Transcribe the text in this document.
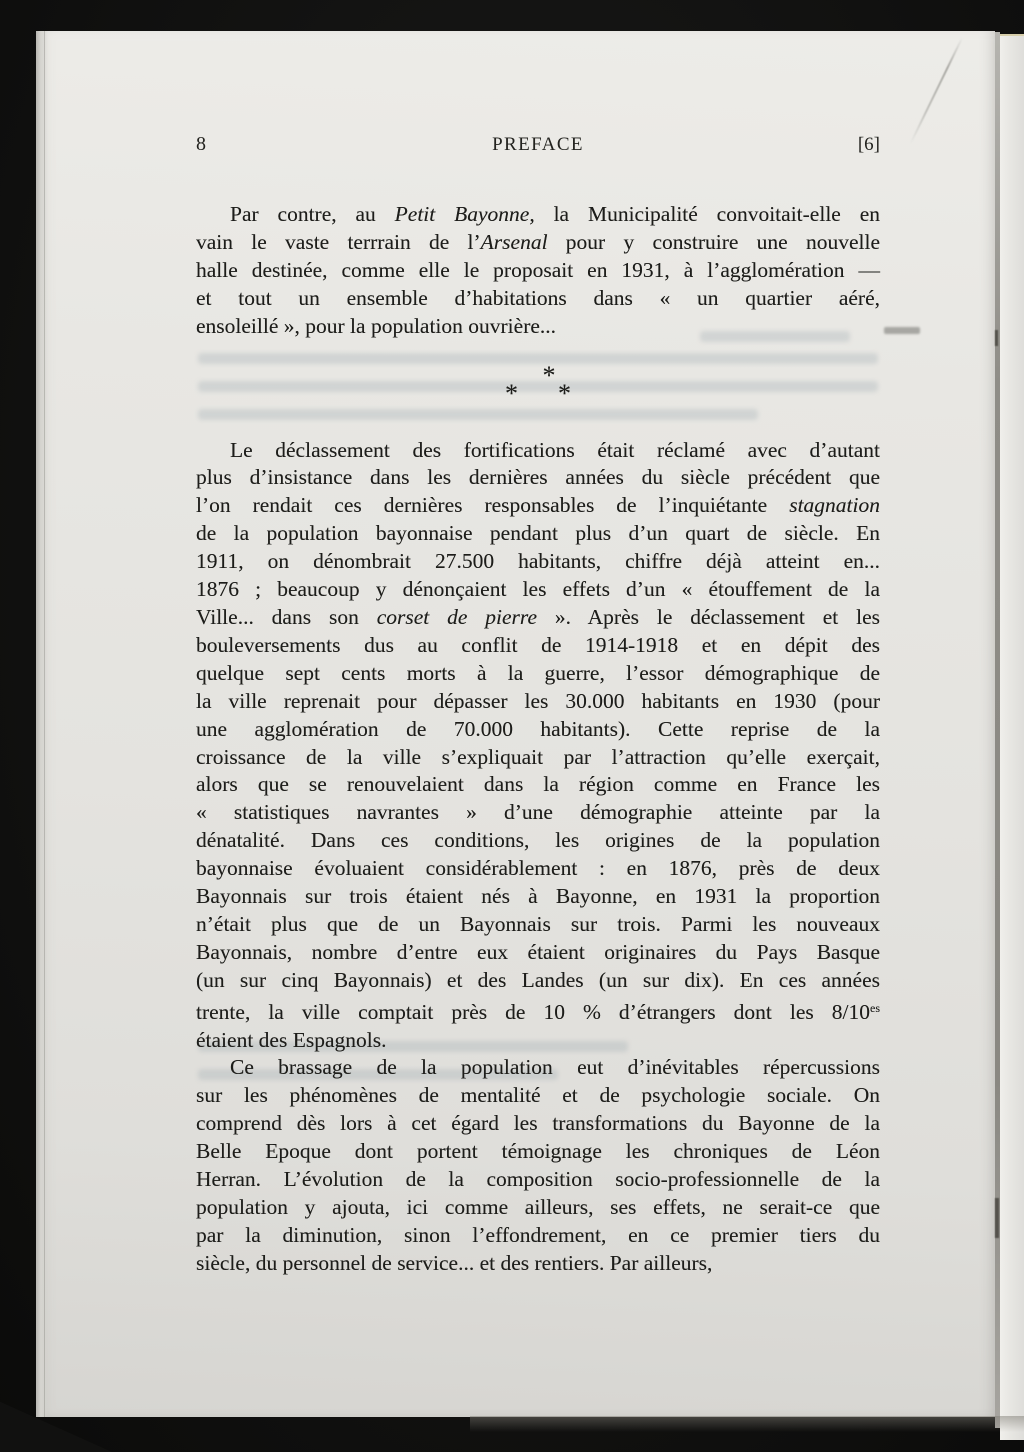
8	PREFACE	[6]
Par contre, au Petit Bayonne, la Municipalité convoitait-elle en
vain le vaste terrrain de l’Arsenal pour y construire une nouvelle
halle destinée, comme elle le proposait en 1931, à l’agglomération —
et tout un ensemble d’habitations dans « un quartier aéré,
ensoleillé », pour la population ouvrière...
*
* *
Le déclassement des fortifications était réclamé avec d’autant
plus d’insistance dans les dernières années du siècle précédent que
l’on rendait ces dernières responsables de l’inquiétante stagnation
de la population bayonnaise pendant plus d’un quart de siècle. En
1911, on dénombrait 27.500 habitants, chiffre déjà atteint en...
1876 ; beaucoup y dénonçaient les effets d’un « étouffement de la
Ville... dans son corset de pierre ». Après le déclassement et les
bouleversements dus au conflit de 1914-1918 et en dépit des
quelque sept cents morts à la guerre, l’essor démographique de
la ville reprenait pour dépasser les 30.000 habitants en 1930 (pour
une agglomération de 70.000 habitants). Cette reprise de la
croissance de la ville s’expliquait par l’attraction qu’elle exerçait,
alors que se renouvelaient dans la région comme en France les
« statistiques navrantes » d’une démographie atteinte par la
dénatalité. Dans ces conditions, les origines de la population
bayonnaise évoluaient considérablement : en 1876, près de deux
Bayonnais sur trois étaient nés à Bayonne, en 1931 la proportion
n’était plus que de un Bayonnais sur trois. Parmi les nouveaux
Bayonnais, nombre d’entre eux étaient originaires du Pays Basque
(un sur cinq Bayonnais) et des Landes (un sur dix). En ces années
trente, la ville comptait près de 10 % d’étrangers dont les $8/10^{es}$
étaient des Espagnols.
Ce brassage de la population eut d’inévitables répercussions
sur les phénomènes de mentalité et de psychologie sociale. On
comprend dès lors à cet égard les transformations du Bayonne de la
Belle Epoque dont portent témoignage les chroniques de Léon
Herran. L’évolution de la composition socio-professionnelle de la
population y ajouta, ici comme ailleurs, ses effets, ne serait-ce que
par la diminution, sinon l’effondrement, en ce premier tiers du
siècle, du personnel de service... et des rentiers. Par ailleurs,
